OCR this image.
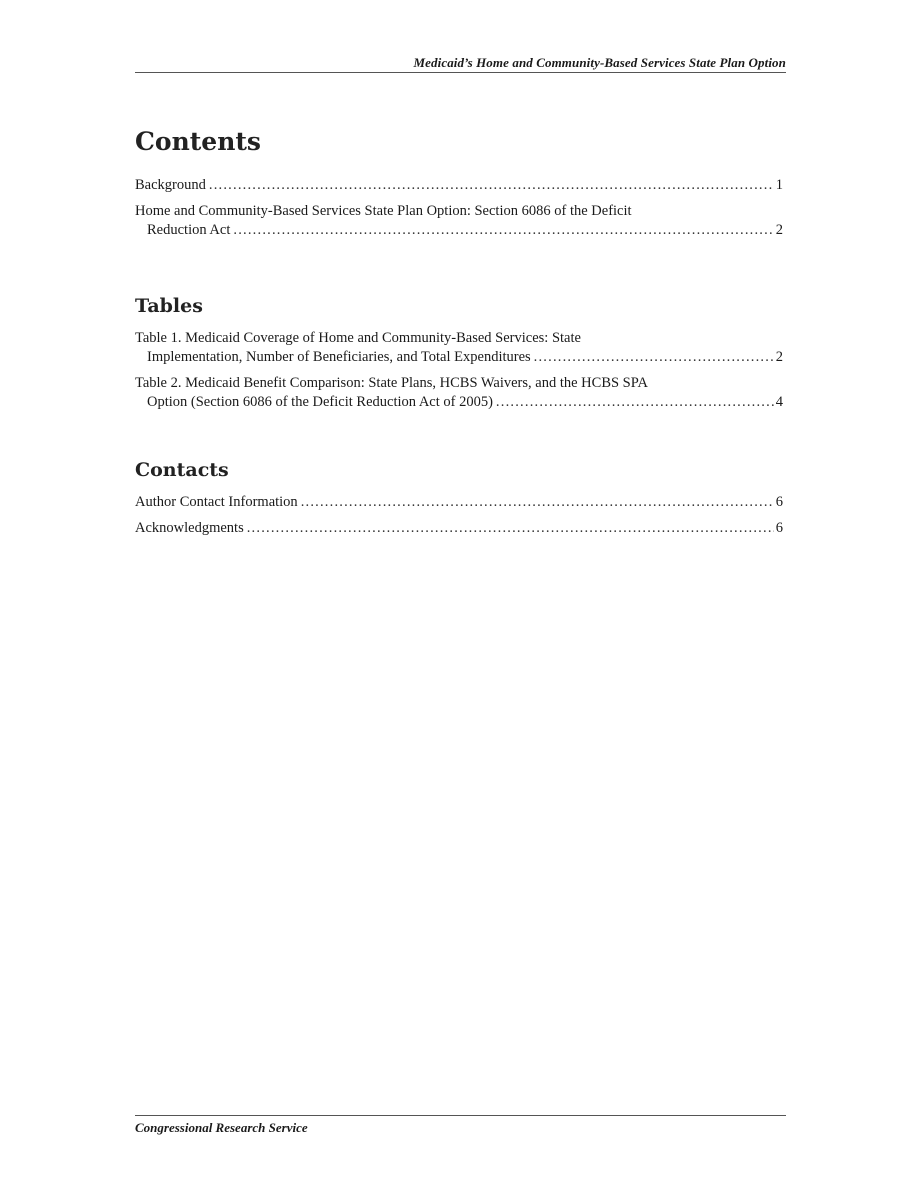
Medicaid’s Home and Community-Based Services State Plan Option
Contents
Background .....	1
Home and Community-Based Services State Plan Option: Section 6086 of the Deficit
Reduction Act .....	2
Tables
Table 1. Medicaid Coverage of Home and Community-Based Services: State
Implementation, Number of Beneficiaries, and Total Expenditures .....	2
Table 2. Medicaid Benefit Comparison: State Plans, HCBS Waivers, and the HCBS SPA
Option (Section 6086 of the Deficit Reduction Act of 2005) .....	4
Contacts
Author Contact Information .....	6
Acknowledgments .....	6
Congressional Research Service
